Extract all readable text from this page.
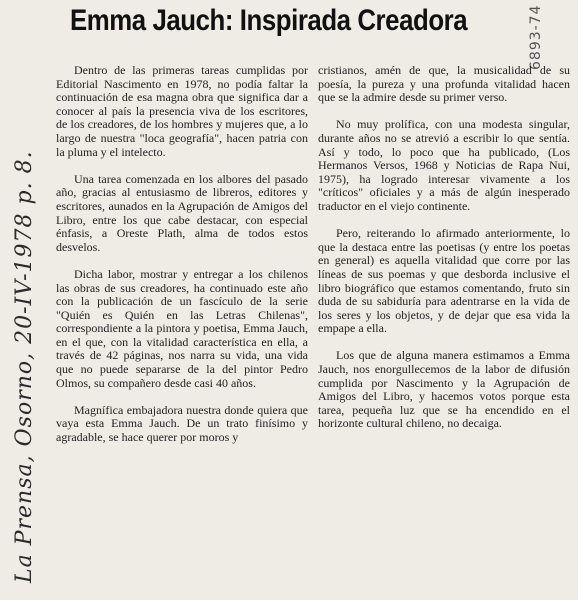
Emma Jauch: Inspirada Creadora
La Prensa, Osorno, 20-IV-1978 p. 8.
6893-74

Dentro de las primeras tareas cumplidas por Editorial Nascimento en 1978, no podía faltar la continuación de esa magna obra que significa dar a conocer al país la presencia viva de los escritores, de los creadores, de los hombres y mujeres que, a lo largo de nuestra "loca geografía", hacen patria con la pluma y el intelecto.

Una tarea comenzada en los albores del pasado año, gracias al entusiasmo de libreros, editores y escritores, aunados en la Agrupación de Amigos del Libro, entre los que cabe destacar, con especial énfasis, a Oreste Plath, alma de todos estos desvelos.

Dicha labor, mostrar y entregar a los chilenos las obras de sus creadores, ha continuado este año con la publicación de un fascículo de la serie "Quién es Quién en las Letras Chilenas", correspondiente a la pintora y poetisa, Emma Jauch, en el que, con la vitalidad característica en ella, a través de 42 páginas, nos narra su vida, una vida que no puede separarse de la del pintor Pedro Olmos, su compañero desde casi 40 años.

Magnífica embajadora nuestra donde quiera que vaya esta Emma Jauch. De un trato finísimo y agradable, se hace querer por moros y

cristianos, amén de que, la musicalidad de su poesía, la pureza y una profunda vitalidad hacen que se la admire desde su primer verso.

No muy prolífica, con una modesta singular, durante años no se atrevió a escribir lo que sentía. Así y todo, lo poco que ha publicado, (Los Hermanos Versos, 1968 y Noticias de Rapa Nui, 1975), ha logrado interesar vivamente a los "críticos" oficiales y a más de algún inesperado traductor en el viejo continente.

Pero, reiterando lo afirmado anteriormente, lo que la destaca entre las poetisas (y entre los poetas en general) es aquella vitalidad que corre por las líneas de sus poemas y que desborda inclusive el libro biográfico que estamos comentando, fruto sin duda de su sabiduría para adentrarse en la vida de los seres y los objetos, y de dejar que esa vida la empape a ella.

Los que de alguna manera estimamos a Emma Jauch, nos enorgullecemos de la labor de difusión cumplida por Nascimento y la Agrupación de Amigos del Libro, y hacemos votos porque esta tarea, pequeña luz que se ha encendido en el horizonte cultural chileno, no decaiga.
